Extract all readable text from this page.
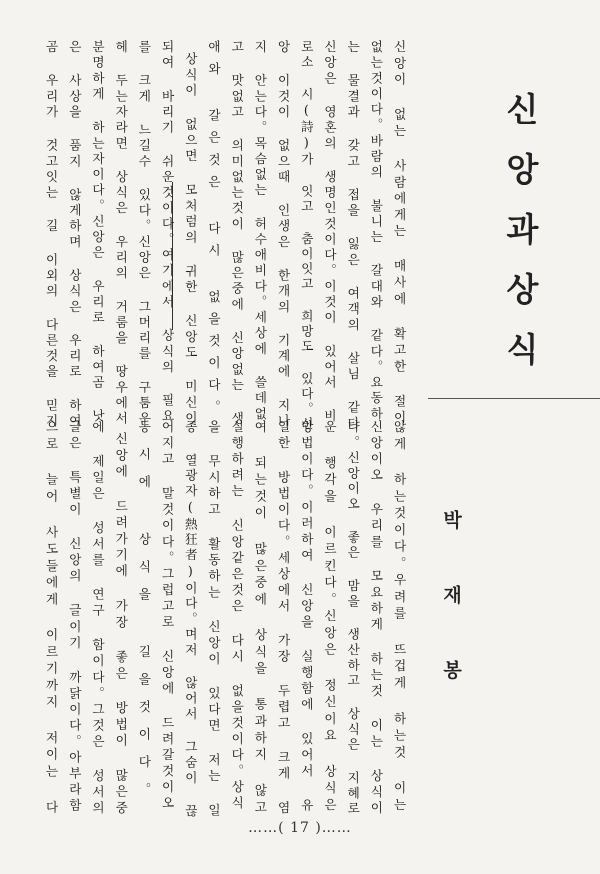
신앙과상식
박재봉
신앙이 없는 사람에게는 매사에 확고한 절이
없는것이다。바람의 불니는 갈대와 같다。요동하
는 물결과 갖고 접을 잃은 여객의 살님 같다
신앙은 영혼의 생명인것이다。이것이 있어서 비
로소 시(詩)가 잇고 춤이잇고 희망도 있다。신
앙 이것이 없으때 인생은 한개의 기계에 지나
지 안는다。목슴없는 허수애비다。세상에 쓸데없
고 맛없고 의미없는것이 많은중에 신앙없는 생
애와 갈은것은 다시 없을것이다。
상식이 없으면 모처럼의 귀한 신앙도 미신이
되여 바리기 쉬운것이다。여기에서 상식의 필요
를 크게 느길수 있다。신앙은 그머리를 구툼우
헤 두는자라면 상식은 우리의 거룸을 땅우에서
분명하게 하는자이다。신앙은 우리로 하여곰 낫
은 사상을 품지 않게하며 상식은 우리로 하여
곰 우리가 것고잇는 길 이외의 다른것을 믿지
않게 하는것이다。우려를 뜨겁게 하는것 이는
신앙이오 우리를 모요하게 하는것 이는 상식이
다。신앙이오 좋은 맘을 생산하고 상식은 지혜로
운 행각을 이르킨다。신앙은 정신이요 상식은
방법이다。이러하여 신앙을 실행함에 있어서 유
일한 방법이다。세상에서 가장 두렵고 크게 염
여 되는것이 많은중에 상식을 통과하지 않고
실행하려는 신앙같은것은 다시 없을것이다。상식
을 무시하고 활동하는 신앙이 있다면 저는 일
종 열광자(熱狂者)이다。며저 않어서 그숨이 끊
어지고 말것이다。그럽고로 신앙에 드려갈것이오
동시에 상식을 길을것이다。
신앙에 드려가기에 가장 좋은 방법이 많은중
에 제일은 성서를 연구 함이다。그것은 성서의
글은 특별이 신앙의 글이기 까닭이다。아부라함
으로 늘어 사도들에게 이르기까지 저이는 다
……( 17 )……
